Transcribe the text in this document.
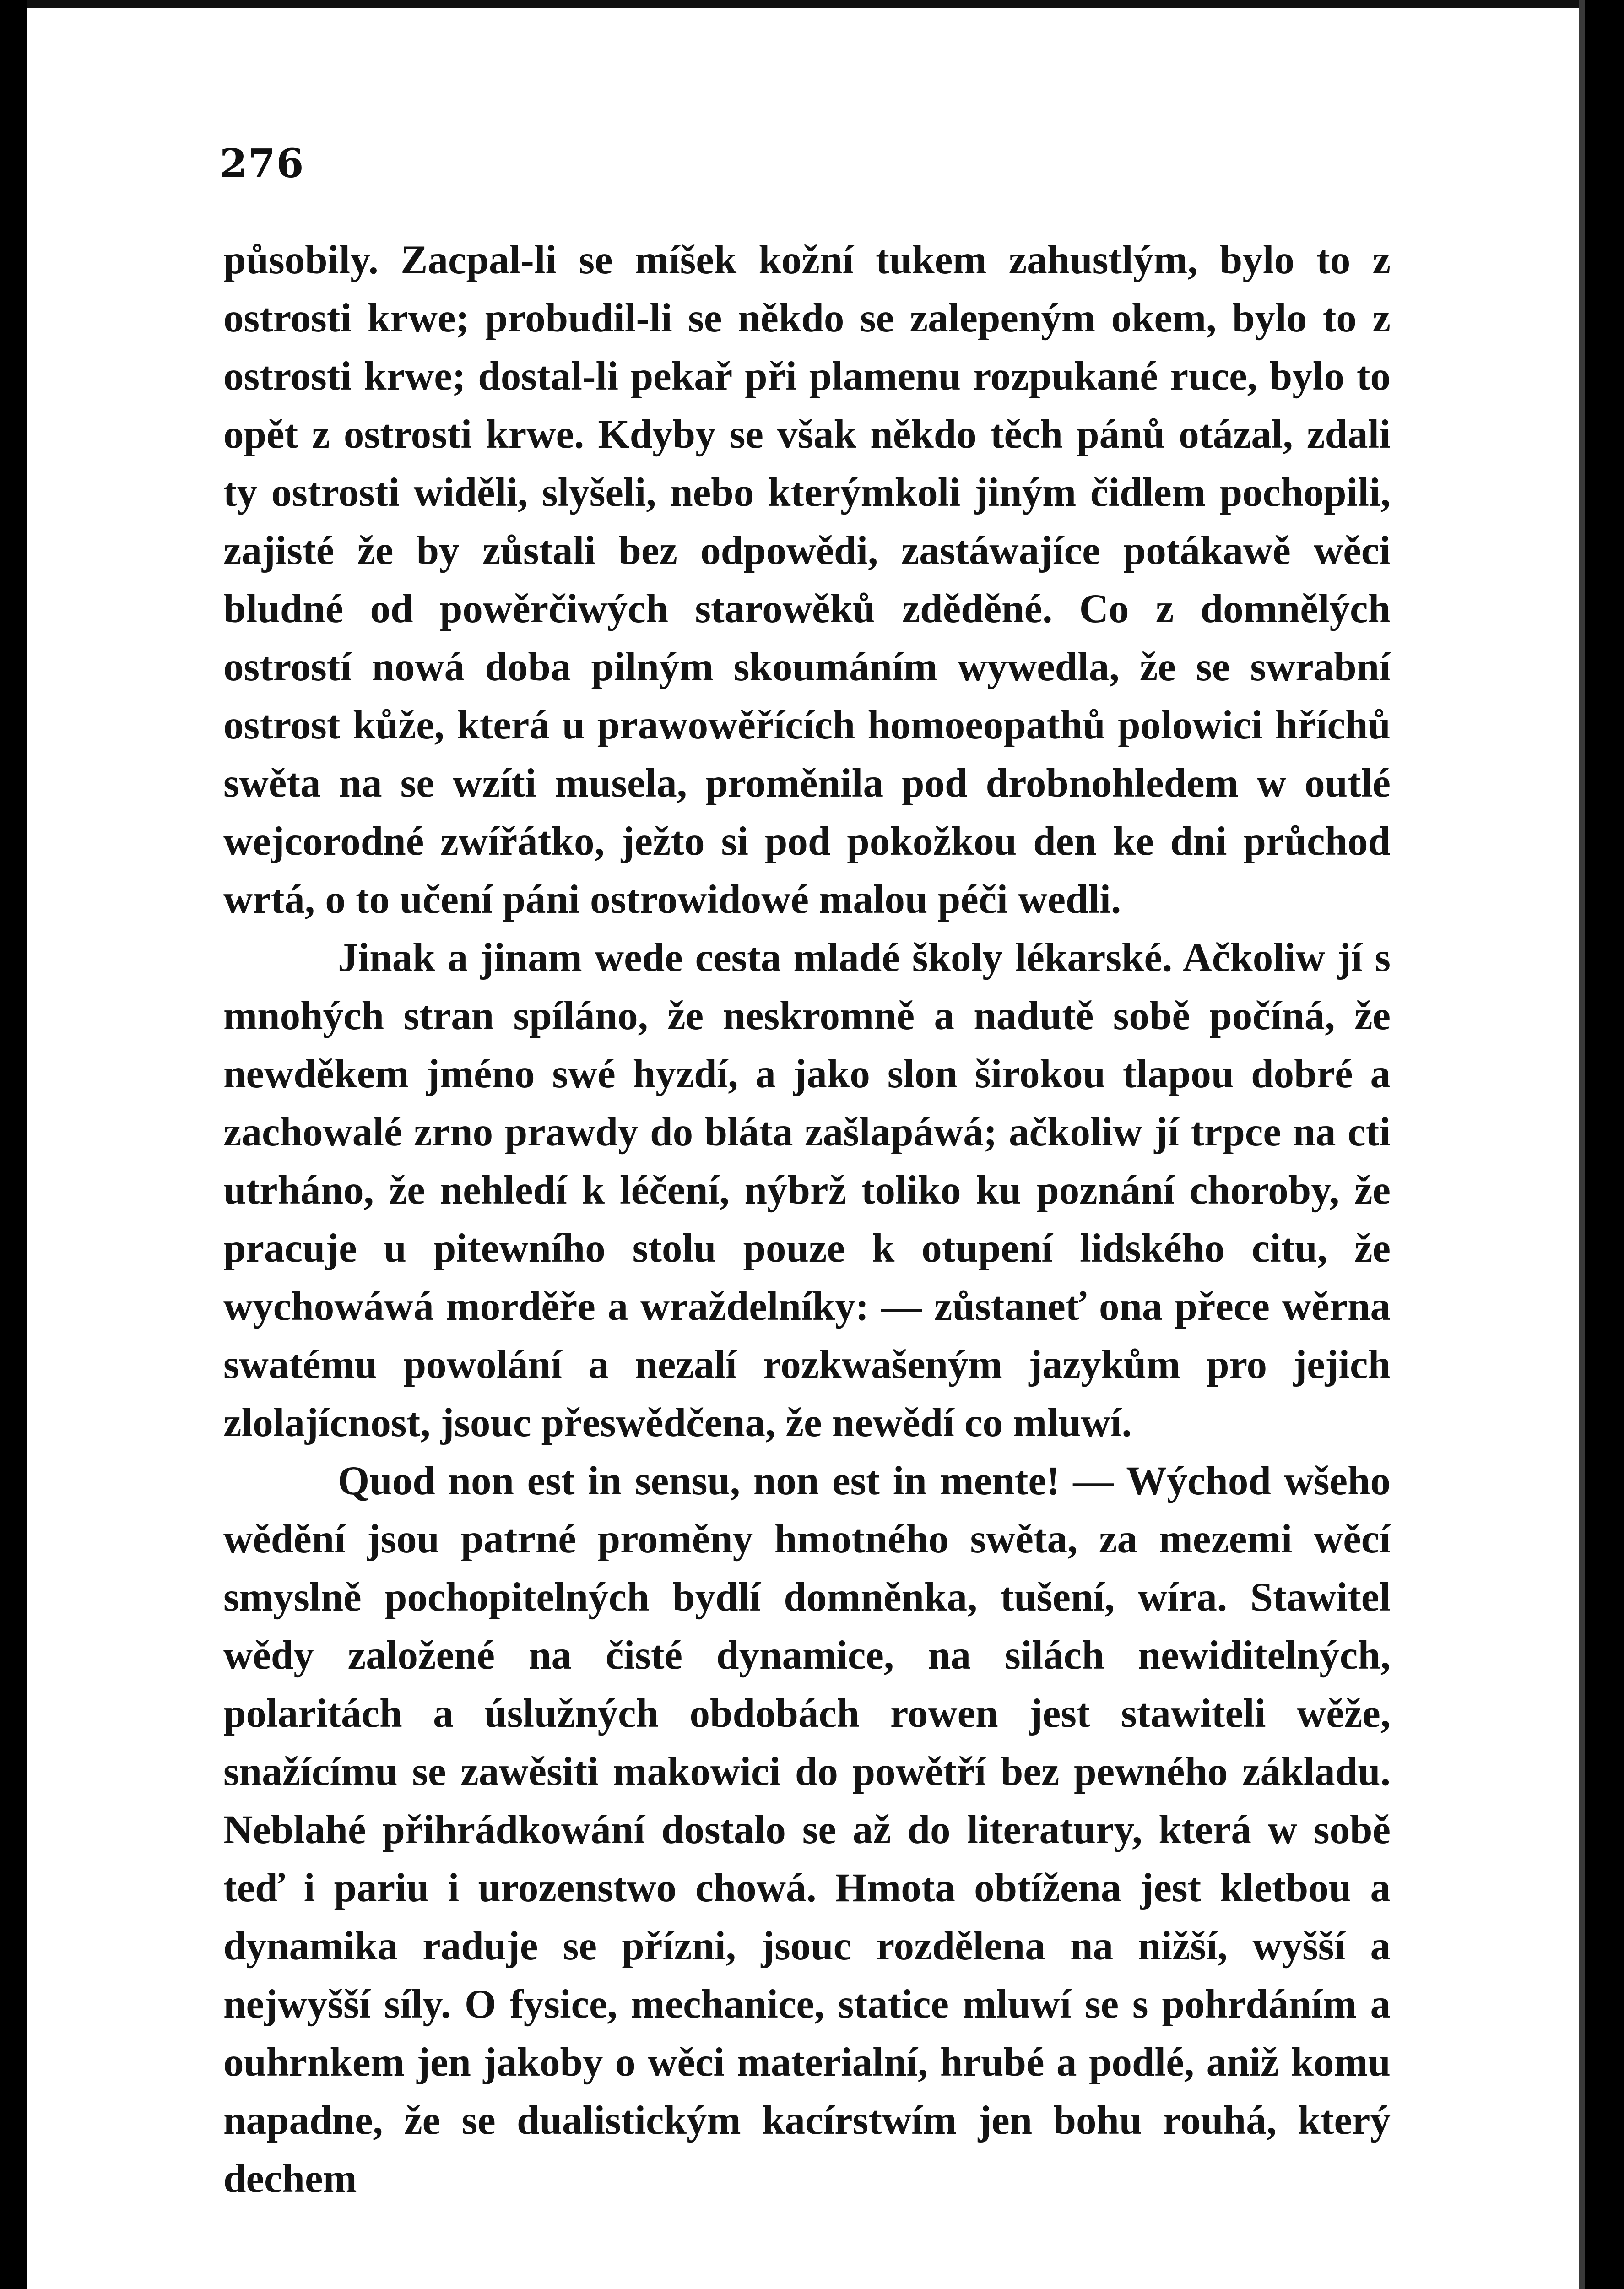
276

působily. Zacpal-li se míšek kožní tukem zahustlým, bylo to z ostrosti krwe; probudil-li se někdo se zalepeným okem, bylo to z ostrosti krwe; dostal-li pekař při plamenu rozpukané ruce, bylo to opět z ostrosti krwe. Kdyby se však někdo těch pánů otázal, zdali ty ostrosti widěli, slyšeli, nebo kterýmkoli jiným čidlem pochopili, zajisté že by zůstali bez odpowědi, zastáwajíce potákawě wěci bludné od powěrčiwých starowěků zděděné. Co z domnělých ostrostí nowá doba pilným skoumáním wywedla, že se swrabní ostrost kůže, která u prawowěřících homoeopathů polowici hříchů swěta na se wzíti musela, proměnila pod drobnohledem w outlé wejcorodné zwířátko, ježto si pod pokožkou den ke dni průchod wrtá, o to učení páni ostrowidowé malou péči wedli.

Jinak a jinam wede cesta mladé školy lékarské. Ačkoliw jí s mnohých stran spíláno, že neskromně a nadutě sobě počíná, že newděkem jméno swé hyzdí, a jako slon širokou tlapou dobré a zachowalé zrno prawdy do bláta zašlapáwá; ačkoliw jí trpce na cti utrháno, že nehledí k léčení, nýbrž toliko ku poznání choroby, že pracuje u pitewního stolu pouze k otupení lidského citu, že wychowáwá morděře a wraždelníky: — zůstaneť ona přece wěrna swatému powolání a nezalí rozkwašeným jazykům pro jejich zlolajícnost, jsouc přeswědčena, že newědí co mluwí.

Quod non est in sensu, non est in mente! — Wýchod wšeho wědění jsou patrné proměny hmotného swěta, za mezemi wěcí smyslně pochopitelných bydlí domněnka, tušení, wíra. Stawitel wědy založené na čisté dynamice, na silách newiditelných, polaritách a úslužných obdobách rowen jest stawiteli wěže, snažícímu se zawěsiti makowici do powětří bez pewného základu. Neblahé přihrádkowání dostalo se až do literatury, která w sobě teď i pariu i urozenstwo chowá. Hmota obtížena jest kletbou a dynamika raduje se přízni, jsouc rozdělena na nižší, wyšší a nejwyšší síly. O fysice, mechanice, statice mluwí se s pohrdáním a ouhrnkem jen jakoby o wěci materialní, hrubé a podlé, aniž komu napadne, že se dualistickým kacírstwím jen bohu rouhá, který dechem
